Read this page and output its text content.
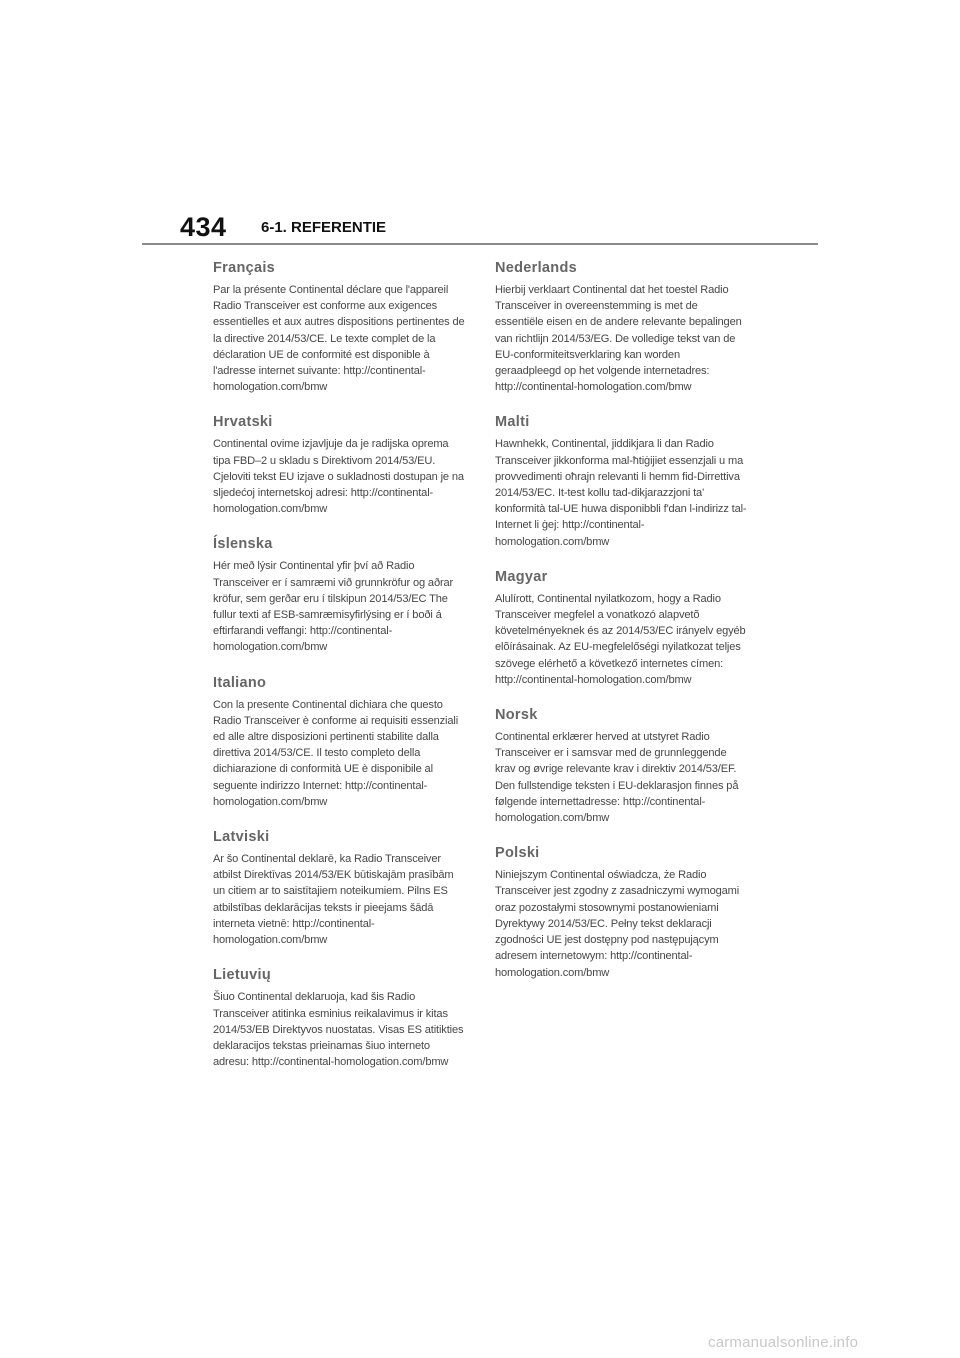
434 6-1. REFERENTIE
Français

Par la présente Continental déclare que l'appareil Radio Transceiver est conforme aux exigences essentielles et aux autres dispositions pertinentes de la directive 2014/53/CE. Le texte complet de la déclaration UE de conformité est disponible à l'adresse internet suivante: http://continental-homologation.com/bmw

Hrvatski

Continental ovime izjavljuje da je radijska oprema tipa FBD–2 u skladu s Direktivom 2014/53/EU. Cjeloviti tekst EU izjave o sukladnosti dostupan je na sljedećoj internetskoj adresi: http://continental-homologation.com/bmw

Íslenska

Hér með lýsir Continental yfir því að Radio Transceiver er í samræmi við grunnkröfur og aðrar kröfur, sem gerðar eru í tilskipun 2014/53/EC The fullur texti af ESB-samræmisyfirlýsing er í boði á eftirfarandi veffangi: http://continental-homologation.com/bmw

Italiano

Con la presente Continental dichiara che questo Radio Transceiver è conforme ai requisiti essenziali ed alle altre disposizioni pertinenti stabilite dalla direttiva 2014/53/CE. Il testo completo della dichiarazione di conformità UE è disponibile al seguente indirizzo Internet: http://continental-homologation.com/bmw

Latviski

Ar šo Continental deklarē, ka Radio Transceiver atbilst Direktīvas 2014/53/EK būtiskajām prasībām un citiem ar to saistītajiem noteikumiem. Pilns ES atbilstības deklarācijas teksts ir pieejams šādā interneta vietnē: http://continental-homologation.com/bmw

Lietuvių

Šiuo Continental deklaruoja, kad šis Radio Transceiver atitinka esminius reikalavimus ir kitas 2014/53/EB Direktyvos nuostatas. Visas ES atitikties deklaracijos tekstas prieinamas šiuo interneto adresu: http://continental-homologation.com/bmw

Nederlands

Hierbij verklaart Continental dat het toestel Radio Transceiver in overeenstemming is met de essentiële eisen en de andere relevante bepalingen van richtlijn 2014/53/EG. De volledige tekst van de EU-conformiteitsverklaring kan worden geraadpleegd op het volgende internetadres: http://continental-homologation.com/bmw

Malti

Hawnhekk, Continental, jiddikjara li dan Radio Transceiver jikkonforma mal-ħtiġijiet essenzjali u ma provvedimenti oħrajn relevanti li hemm fid-Dirrettiva 2014/53/EC. It-test kollu tad-dikjarazzjoni ta' konformità tal-UE huwa disponibbli f'dan l-indirizz tal-Internet li ġej: http://continental-homologation.com/bmw

Magyar

Alulírott, Continental nyilatkozom, hogy a Radio Transceiver megfelel a vonatkozó alapvetõ követelményeknek és az 2014/53/EC irányelv egyéb elõírásainak. Az EU-megfelelőségi nyilatkozat teljes szövege elérhető a következő internetes címen: http://continental-homologation.com/bmw

Norsk

Continental erklærer herved at utstyret Radio Transceiver er i samsvar med de grunnleggende krav og øvrige relevante krav i direktiv 2014/53/EF. Den fullstendige teksten i EU-deklarasjon finnes på følgende internettadresse: http://continental-homologation.com/bmw

Polski

Niniejszym Continental oświadcza, że Radio Transceiver jest zgodny z zasadniczymi wymogami oraz pozostałymi stosownymi postanowieniami Dyrektywy 2014/53/EC. Pełny tekst deklaracji zgodności UE jest dostępny pod następującym adresem internetowym: http://continental-homologation.com/bmw

carmanualsonline.info
